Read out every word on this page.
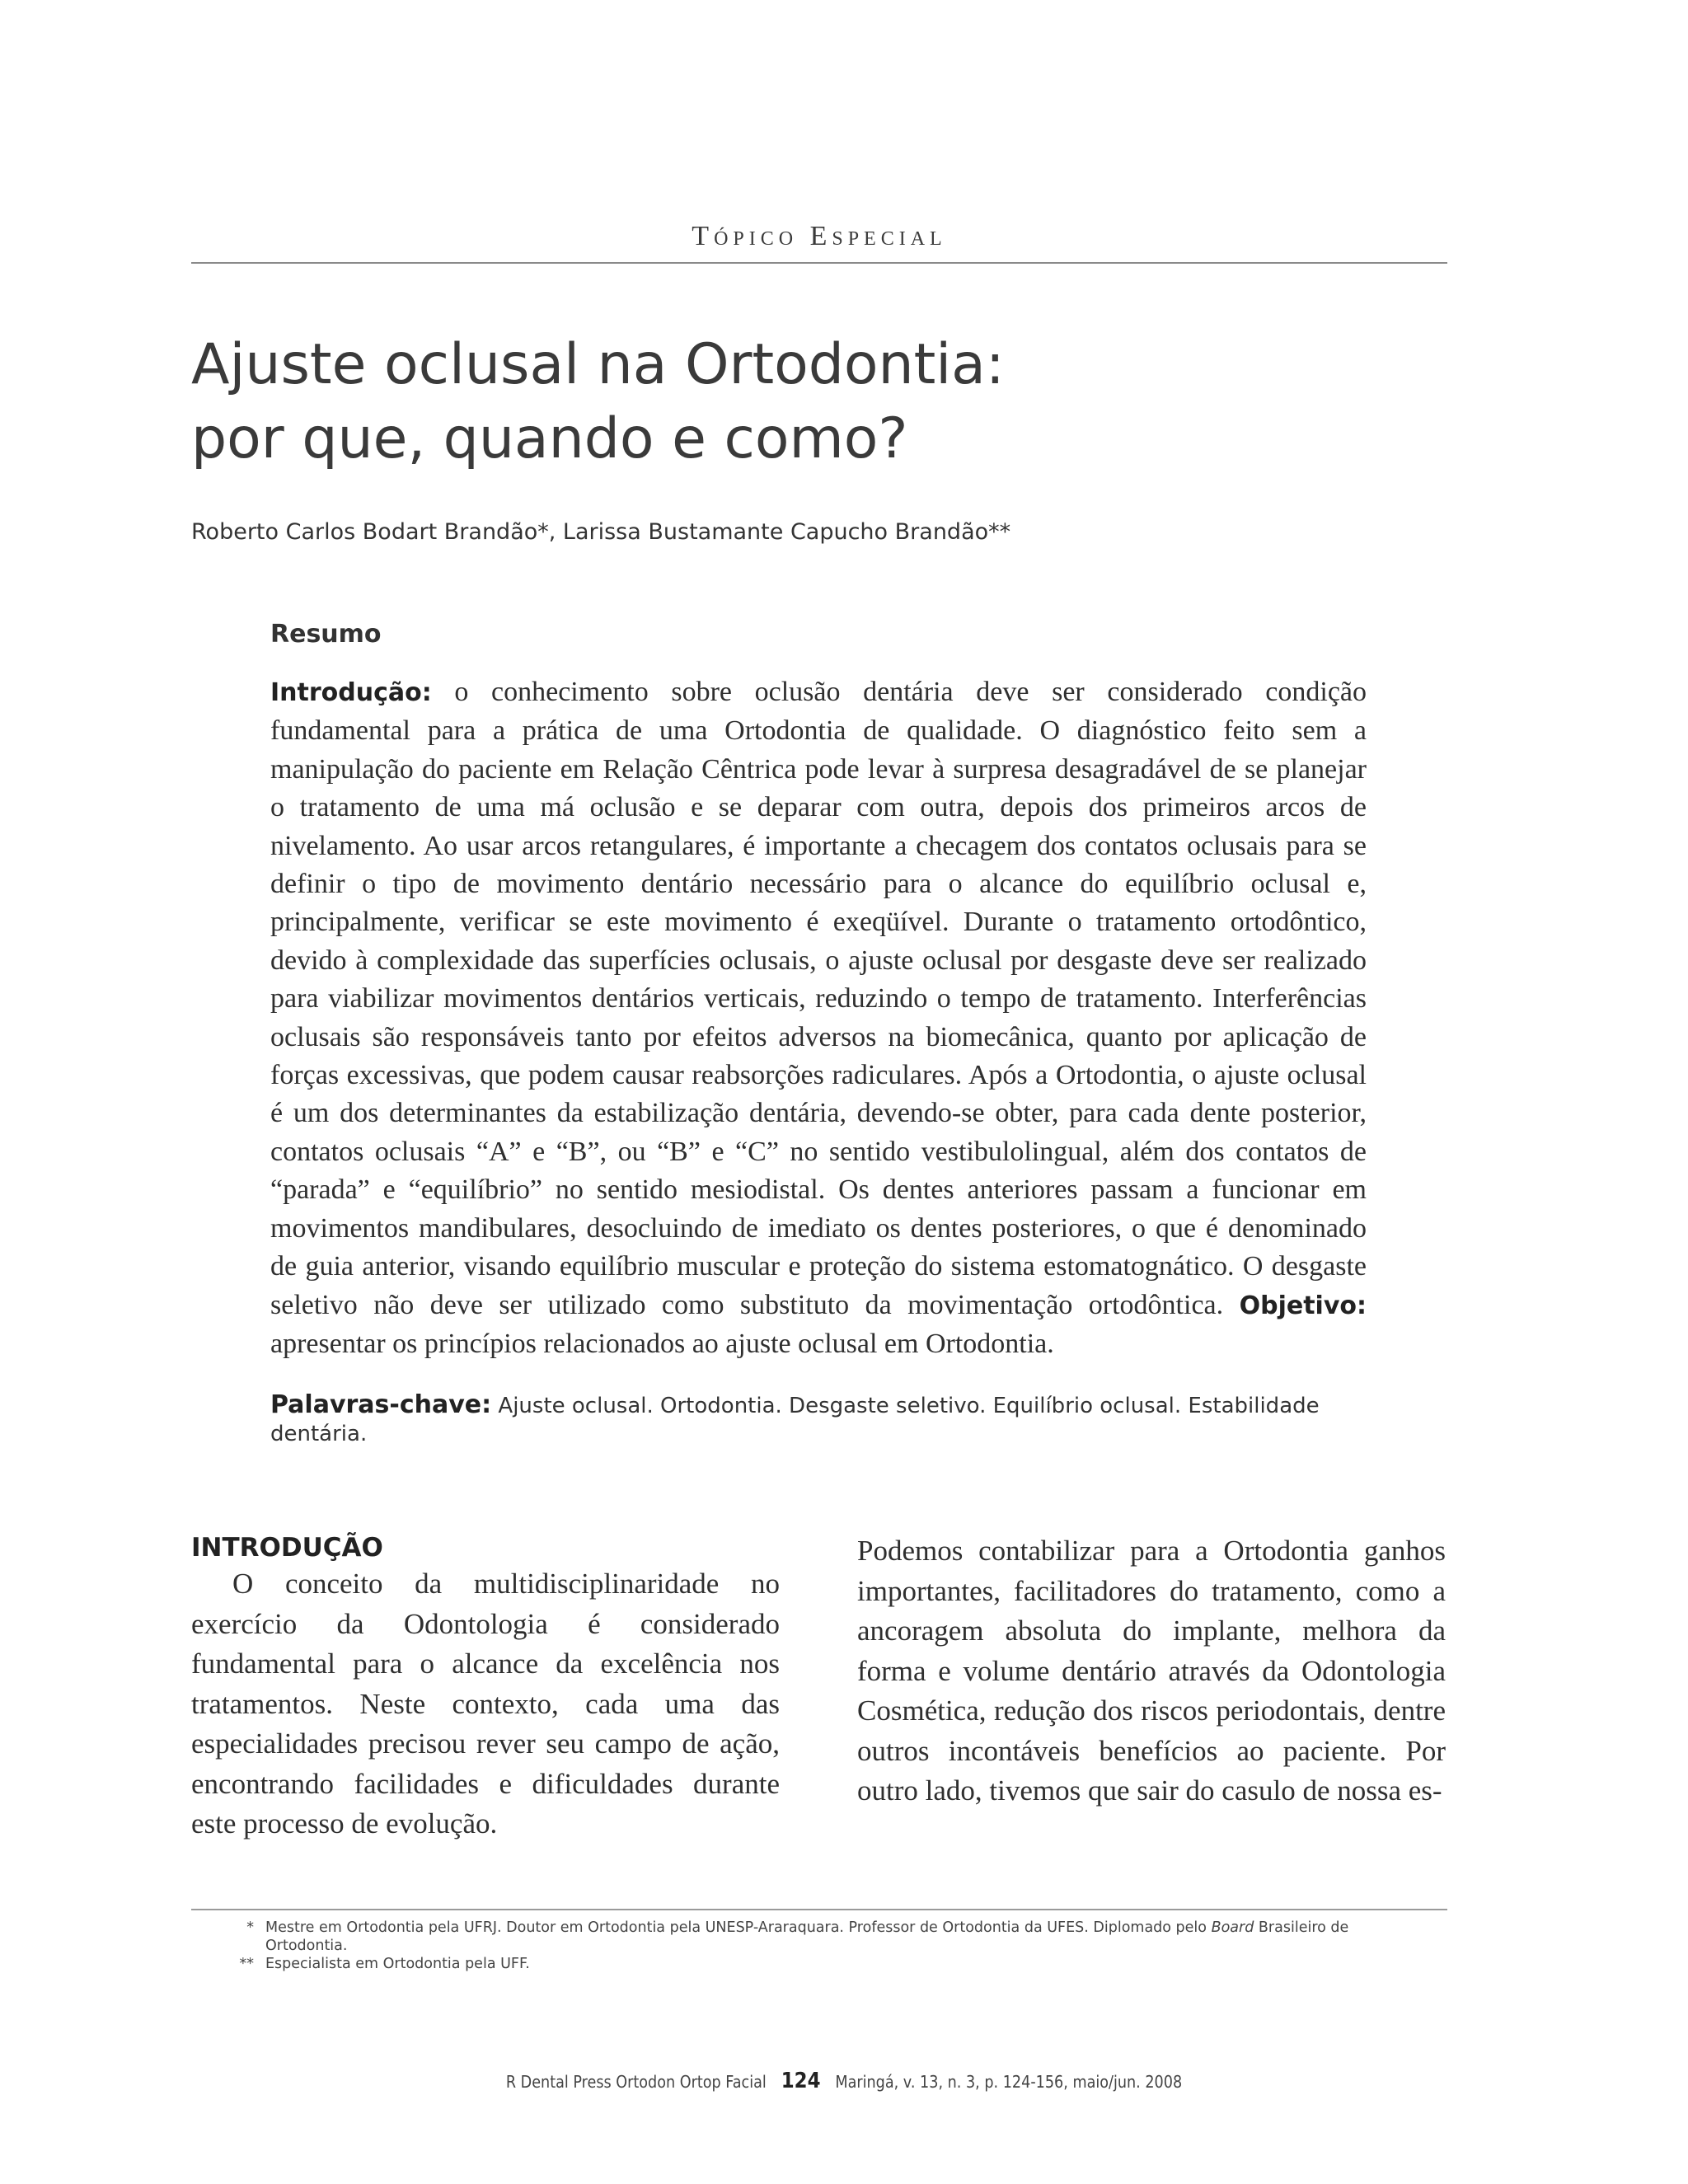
Tópico Especial
Ajuste oclusal na Ortodontia:
por que, quando e como?
Roberto Carlos Bodart Brandão*, Larissa Bustamante Capucho Brandão**
Resumo

Introdução: o conhecimento sobre oclusão dentária deve ser considerado condição fundamental para a prática de uma Ortodontia de qualidade. O diagnóstico feito sem a manipulação do paciente em Relação Cêntrica pode levar à surpresa desagradável de se planejar o tratamento de uma má oclusão e se deparar com outra, depois dos primeiros arcos de nivelamento. Ao usar arcos retangulares, é importante a checagem dos contatos oclusais para se definir o tipo de movimento dentário necessário para o alcance do equilíbrio oclusal e, principalmente, verificar se este movimento é exeqüível. Durante o tratamento ortodôntico, devido à complexidade das superfícies oclusais, o ajuste oclusal por desgaste deve ser realizado para viabilizar movimentos dentários verticais, reduzindo o tempo de tratamento. Interferências oclusais são responsáveis tanto por efeitos adversos na biomecânica, quanto por aplicação de forças excessivas, que podem causar reabsorções radiculares. Após a Ortodontia, o ajuste oclusal é um dos determinantes da estabilização dentária, devendo-se obter, para cada dente posterior, contatos oclusais “A” e “B”, ou “B” e “C” no sentido vestibulolingual, além dos contatos de “parada” e “equilíbrio” no sentido mesiodistal. Os dentes anteriores passam a funcionar em movimentos mandibulares, desocluindo de imediato os dentes posteriores, o que é denominado de guia anterior, visando equilíbrio muscular e proteção do sistema estomatognático. O desgaste seletivo não deve ser utilizado como substituto da movimentação ortodôntica. Objetivo: apresentar os princípios relacionados ao ajuste oclusal em Ortodontia.

Palavras-chave: Ajuste oclusal. Ortodontia. Desgaste seletivo. Equilíbrio oclusal. Estabilidade dentária.
INTRODUÇÃO

O conceito da multidisciplinaridade no exercício da Odontologia é considerado fundamental para o alcance da excelência nos tratamentos. Neste contexto, cada uma das especialidades precisou rever seu campo de ação, encontrando facilidades e dificuldades durante este processo de evolução.

Podemos contabilizar para a Ortodontia ganhos importantes, facilitadores do tratamento, como a ancoragem absoluta do implante, melhora da forma e volume dentário através da Odontologia Cosmética, redução dos riscos periodontais, dentre outros incontáveis benefícios ao paciente. Por outro lado, tivemos que sair do casulo de nossa es-

* Mestre em Ortodontia pela UFRJ. Doutor em Ortodontia pela UNESP-Araraquara. Professor de Ortodontia da UFES. Diplomado pelo Board Brasileiro de Ortodontia.
** Especialista em Ortodontia pela UFF.
R Dental Press Ortodon Ortop Facial 124 Maringá, v. 13, n. 3, p. 124-156, maio/jun. 2008
